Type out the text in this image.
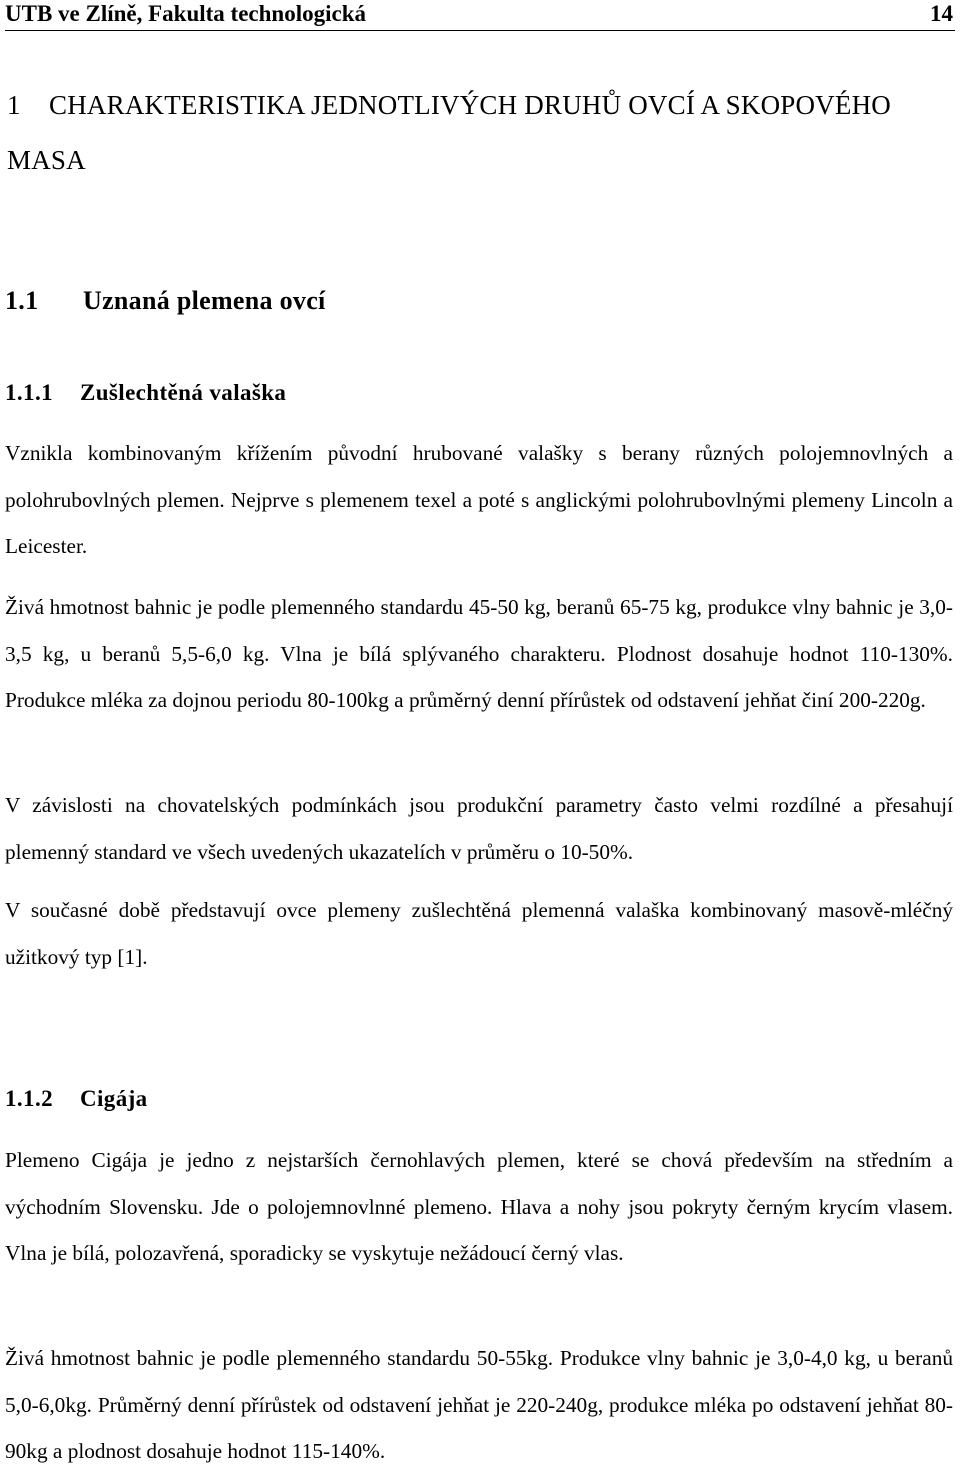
UTB ve Zlíně, Fakulta technologická	14
1 CHARAKTERISTIKA JEDNOTLIVÝCH DRUHŮ OVCÍ A SKOPOVÉHO MASA
1.1 Uznaná plemena ovcí
1.1.1 Zušlechtěná valaška
Vznikla kombinovaným křížením původní hrubované valašky s berany různých polojemnovlných a polohrubovlných plemen. Nejprve s plemenem texel a poté s anglickými polohrubovlnými plemeny Lincoln a Leicester.
Živá hmotnost bahnic je podle plemenného standardu 45-50 kg, beranů 65-75 kg, produkce vlny bahnic je 3,0-3,5 kg, u beranů 5,5-6,0 kg. Vlna je bílá splývaného charakteru. Plodnost dosahuje hodnot 110-130%. Produkce mléka za dojnou periodu 80-100kg a průměrný denní přírůstek od odstavení jehňat činí 200-220g.
V závislosti na chovatelských podmínkách jsou produkční parametry často velmi rozdílné a přesahují plemenný standard ve všech uvedených ukazatelích v průměru o 10-50%.
V současné době představují ovce plemeny zušlechtěná plemenná valaška kombinovaný masově-mléčný užitkový typ [1].
1.1.2 Cigája
Plemeno Cigája je jedno z nejstarších černohlavých plemen, které se chová především na středním a východním Slovensku. Jde o polojemnovlnné plemeno. Hlava a nohy jsou pokryty černým krycím vlasem. Vlna je bílá, polozavřená, sporadicky se vyskytuje nežádoucí černý vlas.
Živá hmotnost bahnic je podle plemenného standardu 50-55kg. Produkce vlny bahnic je 3,0-4,0 kg, u beranů 5,0-6,0kg. Průměrný denní přírůstek od odstavení jehňat je 220-240g, produkce mléka po odstavení jehňat 80-90kg a plodnost dosahuje hodnot 115-140%.
